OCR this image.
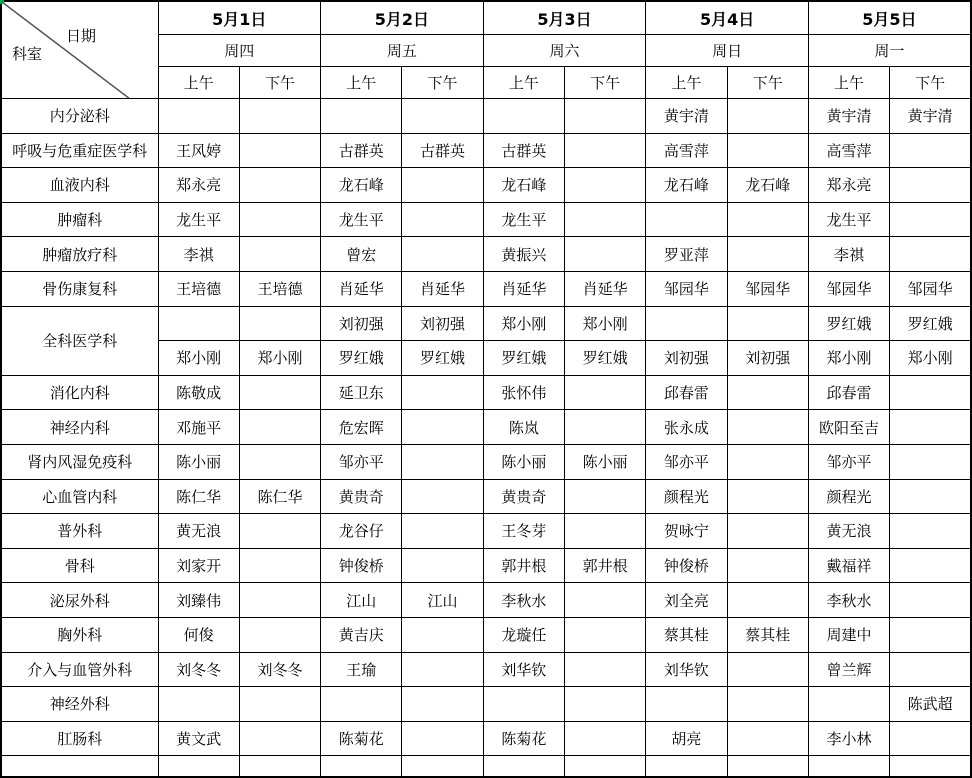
日期
科室	5月1日		5月2日		5月3日		5月4日		5月5日	
	周四		周五		周六		周日		周一	
	上午	下午	上午	下午	上午	下午	上午	下午	上午	下午
内分泌科							黄宇清		黄宇清	黄宇清
呼吸与危重症医学科	王风婷		古群英	古群英	古群英		高雪萍		高雪萍	
血液内科	郑永亮		龙石峰		龙石峰		龙石峰	龙石峰	郑永亮	
肿瘤科	龙生平		龙生平		龙生平				龙生平	
肿瘤放疗科	李祺		曾宏		黄振兴		罗亚萍		李祺	
骨伤康复科	王培德	王培德	肖延华	肖延华	肖延华	肖延华	邹园华	邹园华	邹园华	邹园华
全科医学科			刘初强	刘初强	郑小刚	郑小刚			罗红娥	罗红娥
	郑小刚	郑小刚	罗红娥	罗红娥	罗红娥	罗红娥	刘初强	刘初强	郑小刚	郑小刚
消化内科	陈敬成		延卫东		张怀伟		邱春雷		邱春雷	
神经内科	邓施平		危宏晖		陈岚		张永成		欧阳至吉	
肾内风湿免疫科	陈小丽		邹亦平		陈小丽	陈小丽	邹亦平		邹亦平	
心血管内科	陈仁华	陈仁华	黄贵奇		黄贵奇		颜程光		颜程光	
普外科	黄无浪		龙谷仔		王冬芽		贺咏宁		黄无浪	
骨科	刘家开		钟俊桥		郭井根	郭井根	钟俊桥		戴福祥	
泌尿外科	刘臻伟		江山	江山	李秋水		刘全亮		李秋水	
胸外科	何俊		黄吉庆		龙璇任		蔡其桂	蔡其桂	周建中	
介入与血管外科	刘冬冬	刘冬冬	王瑜		刘华钦		刘华钦		曾兰辉	
神经外科										陈武超
肛肠科	黄文武		陈菊花		陈菊花		胡亮		李小林	
